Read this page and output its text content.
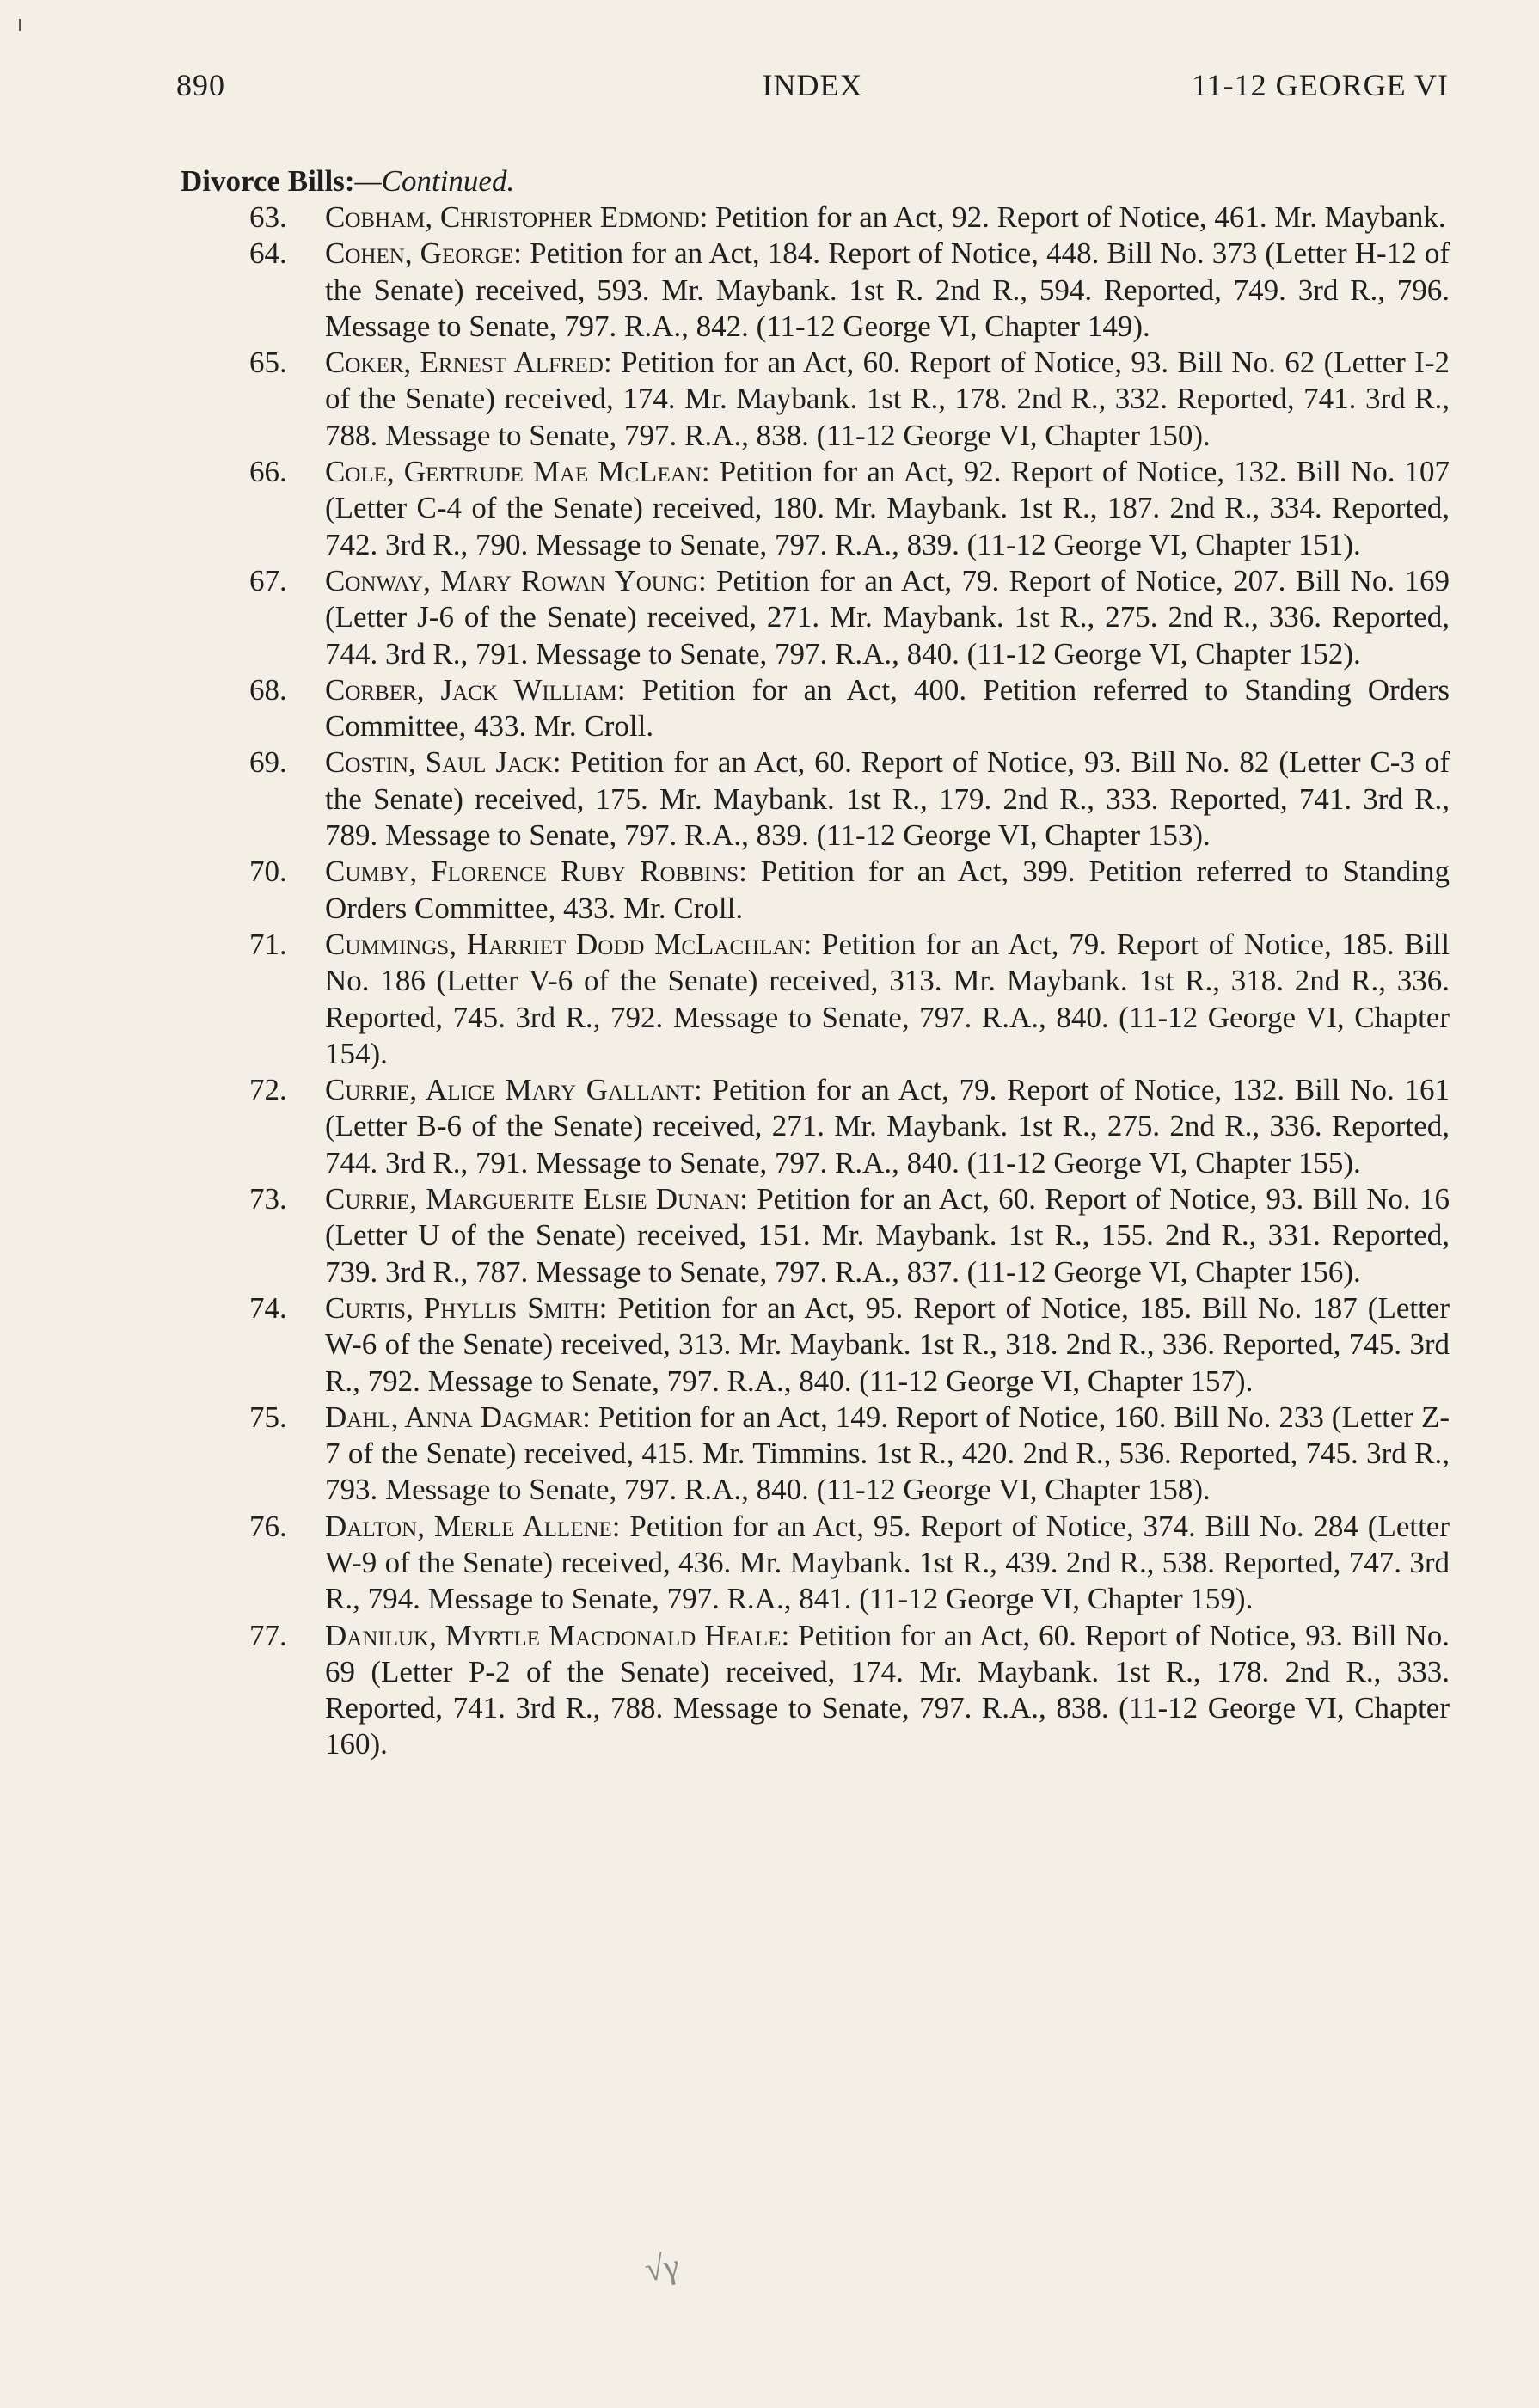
890	INDEX	11-12 GEORGE VI
Divorce Bills:—Continued.
63.	Cobham, Christopher Edmond: Petition for an Act, 92. Report of Notice, 461. Mr. Maybank.
64.	Cohen, George: Petition for an Act, 184. Report of Notice, 448. Bill No. 373 (Letter H-12 of the Senate) received, 593. Mr. Maybank. 1st R. 2nd R., 594. Reported, 749. 3rd R., 796. Message to Senate, 797. R.A., 842. (11-12 George VI, Chapter 149).
65.	Coker, Ernest Alfred: Petition for an Act, 60. Report of Notice, 93. Bill No. 62 (Letter I-2 of the Senate) received, 174. Mr. Maybank. 1st R., 178. 2nd R., 332. Reported, 741. 3rd R., 788. Message to Senate, 797. R.A., 838. (11-12 George VI, Chapter 150).
66.	Cole, Gertrude Mae McLean: Petition for an Act, 92. Report of Notice, 132. Bill No. 107 (Letter C-4 of the Senate) received, 180. Mr. Maybank. 1st R., 187. 2nd R., 334. Reported, 742. 3rd R., 790. Message to Senate, 797. R.A., 839. (11-12 George VI, Chapter 151).
67.	Conway, Mary Rowan Young: Petition for an Act, 79. Report of Notice, 207. Bill No. 169 (Letter J-6 of the Senate) received, 271. Mr. Maybank. 1st R., 275. 2nd R., 336. Reported, 744. 3rd R., 791. Message to Senate, 797. R.A., 840. (11-12 George VI, Chapter 152).
68.	Corber, Jack William: Petition for an Act, 400. Petition referred to Standing Orders Committee, 433. Mr. Croll.
69.	Costin, Saul Jack: Petition for an Act, 60. Report of Notice, 93. Bill No. 82 (Letter C-3 of the Senate) received, 175. Mr. Maybank. 1st R., 179. 2nd R., 333. Reported, 741. 3rd R., 789. Message to Senate, 797. R.A., 839. (11-12 George VI, Chapter 153).
70.	Cumby, Florence Ruby Robbins: Petition for an Act, 399. Petition referred to Standing Orders Committee, 433. Mr. Croll.
71.	Cummings, Harriet Dodd McLachlan: Petition for an Act, 79. Report of Notice, 185. Bill No. 186 (Letter V-6 of the Senate) received, 313. Mr. Maybank. 1st R., 318. 2nd R., 336. Reported, 745. 3rd R., 792. Message to Senate, 797. R.A., 840. (11-12 George VI, Chapter 154).
72.	Currie, Alice Mary Gallant: Petition for an Act, 79. Report of Notice, 132. Bill No. 161 (Letter B-6 of the Senate) received, 271. Mr. Maybank. 1st R., 275. 2nd R., 336. Reported, 744. 3rd R., 791. Message to Senate, 797. R.A., 840. (11-12 George VI, Chapter 155).
73.	Currie, Marguerite Elsie Dunan: Petition for an Act, 60. Report of Notice, 93. Bill No. 16 (Letter U of the Senate) received, 151. Mr. Maybank. 1st R., 155. 2nd R., 331. Reported, 739. 3rd R., 787. Message to Senate, 797. R.A., 837. (11-12 George VI, Chapter 156).
74.	Curtis, Phyllis Smith: Petition for an Act, 95. Report of Notice, 185. Bill No. 187 (Letter W-6 of the Senate) received, 313. Mr. Maybank. 1st R., 318. 2nd R., 336. Reported, 745. 3rd R., 792. Message to Senate, 797. R.A., 840. (11-12 George VI, Chapter 157).
75.	Dahl, Anna Dagmar: Petition for an Act, 149. Report of Notice, 160. Bill No. 233 (Letter Z-7 of the Senate) received, 415. Mr. Timmins. 1st R., 420. 2nd R., 536. Reported, 745. 3rd R., 793. Message to Senate, 797. R.A., 840. (11-12 George VI, Chapter 158).
76.	Dalton, Merle Allene: Petition for an Act, 95. Report of Notice, 374. Bill No. 284 (Letter W-9 of the Senate) received, 436. Mr. Maybank. 1st R., 439. 2nd R., 538. Reported, 747. 3rd R., 794. Message to Senate, 797. R.A., 841. (11-12 George VI, Chapter 159).
77.	Daniluk, Myrtle Macdonald Heale: Petition for an Act, 60. Report of Notice, 93. Bill No. 69 (Letter P-2 of the Senate) received, 174. Mr. Maybank. 1st R., 178. 2nd R., 333. Reported, 741. 3rd R., 788. Message to Senate, 797. R.A., 838. (11-12 George VI, Chapter 160).
√γ
